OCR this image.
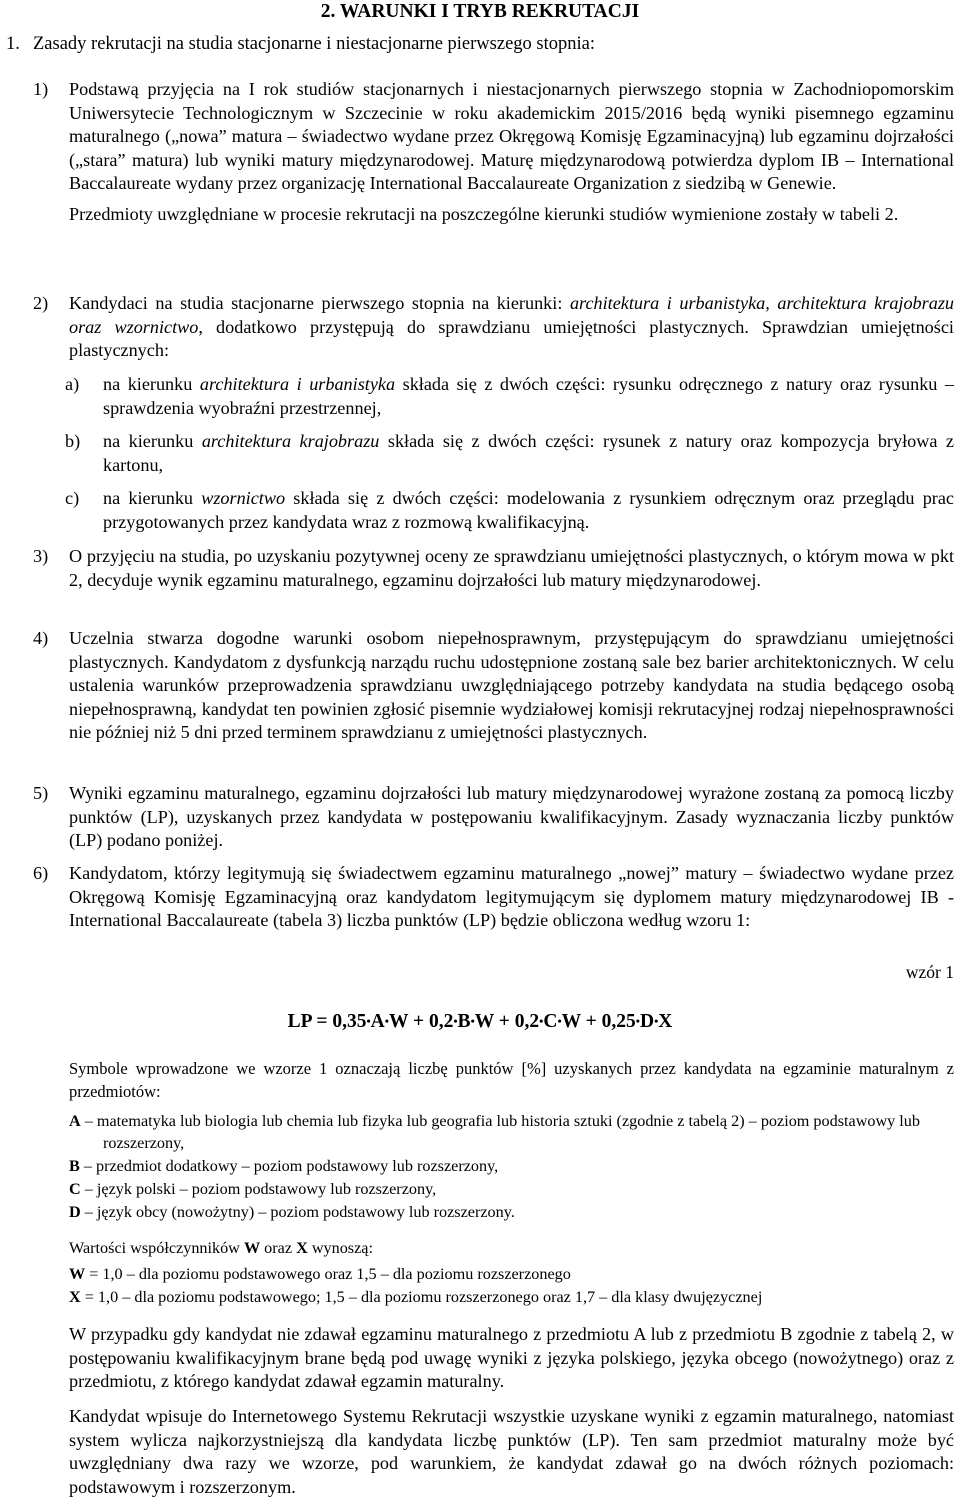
2. WARUNKI I TRYB REKRUTACJI
1. Zasady rekrutacji na studia stacjonarne i niestacjonarne pierwszego stopnia:
1) Podstawą przyjęcia na I rok studiów stacjonarnych i niestacjonarnych pierwszego stopnia w Zachodniopomorskim Uniwersytecie Technologicznym w Szczecinie w roku akademickim 2015/2016 będą wyniki pisemnego egzaminu maturalnego („nowa” matura – świadectwo wydane przez Okręgową Komisję Egzaminacyjną) lub egzaminu dojrzałości („stara” matura) lub wyniki matury międzynarodowej. Maturę międzynarodową potwierdza dyplom IB – International Baccalaureate wydany przez organizację International Baccalaureate Organization z siedzibą w Genewie.

Przedmioty uwzględniane w procesie rekrutacji na poszczególne kierunki studiów wymienione zostały w tabeli 2.

2) Kandydaci na studia stacjonarne pierwszego stopnia na kierunki: architektura i urbanistyka, architektura krajobrazu oraz wzornictwo, dodatkowo przystępują do sprawdzianu umiejętności plastycznych. Sprawdzian umiejętności plastycznych:

a) na kierunku architektura i urbanistyka składa się z dwóch części: rysunku odręcznego z natury oraz rysunku – sprawdzenia wyobraźni przestrzennej,
b) na kierunku architektura krajobrazu składa się z dwóch części: rysunek z natury oraz kompozycja bryłowa z kartonu,
c) na kierunku wzornictwo składa się z dwóch części: modelowania z rysunkiem odręcznym oraz przeglądu prac przygotowanych przez kandydata wraz z rozmową kwalifikacyjną.
3) O przyjęciu na studia, po uzyskaniu pozytywnej oceny ze sprawdzianu umiejętności plastycznych, o którym mowa w pkt 2, decyduje wynik egzaminu maturalnego, egzaminu dojrzałości lub matury międzynarodowej.

4) Uczelnia stwarza dogodne warunki osobom niepełnosprawnym, przystępującym do sprawdzianu umiejętności plastycznych. Kandydatom z dysfunkcją narządu ruchu udostępnione zostaną sale bez barier architektonicznych. W celu ustalenia warunków przeprowadzenia sprawdzianu uwzględniającego potrzeby kandydata na studia będącego osobą niepełnosprawną, kandydat ten powinien zgłosić pisemnie wydziałowej komisji rekrutacyjnej rodzaj niepełnosprawności nie później niż 5 dni przed terminem sprawdzianu z umiejętności plastycznych.

5) Wyniki egzaminu maturalnego, egzaminu dojrzałości lub matury międzynarodowej wyrażone zostaną za pomocą liczby punktów (LP), uzyskanych przez kandydata w postępowaniu kwalifikacyjnym. Zasady wyznaczania liczby punktów (LP) podano poniżej.

6) Kandydatom, którzy legitymują się świadectwem egzaminu maturalnego „nowej” matury – świadectwo wydane przez Okręgową Komisję Egzaminacyjną oraz kandydatom legitymującym się dyplomem matury międzynarodowej IB - International Baccalaureate (tabela 3) liczba punktów (LP) będzie obliczona według wzoru 1:

wzór 1
LP = 0,35•A•W + 0,2•B•W + 0,2•C•W + 0,25•D•X

Symbole wprowadzone we wzorze 1 oznaczają liczbę punktów [%] uzyskanych przez kandydata na egzaminie maturalnym z przedmiotów:

A – matematyka lub biologia lub chemia lub fizyka lub geografia lub historia sztuki (zgodnie z tabelą 2) – poziom podstawowy lub rozszerzony,

B – przedmiot dodatkowy – poziom podstawowy lub rozszerzony,

C – język polski – poziom podstawowy lub rozszerzony,

D – język obcy (nowożytny) – poziom podstawowy lub rozszerzony.

Wartości współczynników W oraz X wynoszą:

W = 1,0 – dla poziomu podstawowego oraz 1,5 – dla poziomu rozszerzonego

X = 1,0 – dla poziomu podstawowego; 1,5 – dla poziomu rozszerzonego oraz 1,7 – dla klasy dwujęzycznej

W przypadku gdy kandydat nie zdawał egzaminu maturalnego z przedmiotu A lub z przedmiotu B zgodnie z tabelą 2, w postępowaniu kwalifikacyjnym brane będą pod uwagę wyniki z języka polskiego, języka obcego (nowożytnego) oraz z przedmiotu, z którego kandydat zdawał egzamin maturalny.

Kandydat wpisuje do Internetowego Systemu Rekrutacji wszystkie uzyskane wyniki z egzamin maturalnego, natomiast system wylicza najkorzystniejszą dla kandydata liczbę punktów (LP). Ten sam przedmiot maturalny może być uwzględniany dwa razy we wzorze, pod warunkiem, że kandydat zdawał go na dwóch różnych poziomach: podstawowym i rozszerzonym.
